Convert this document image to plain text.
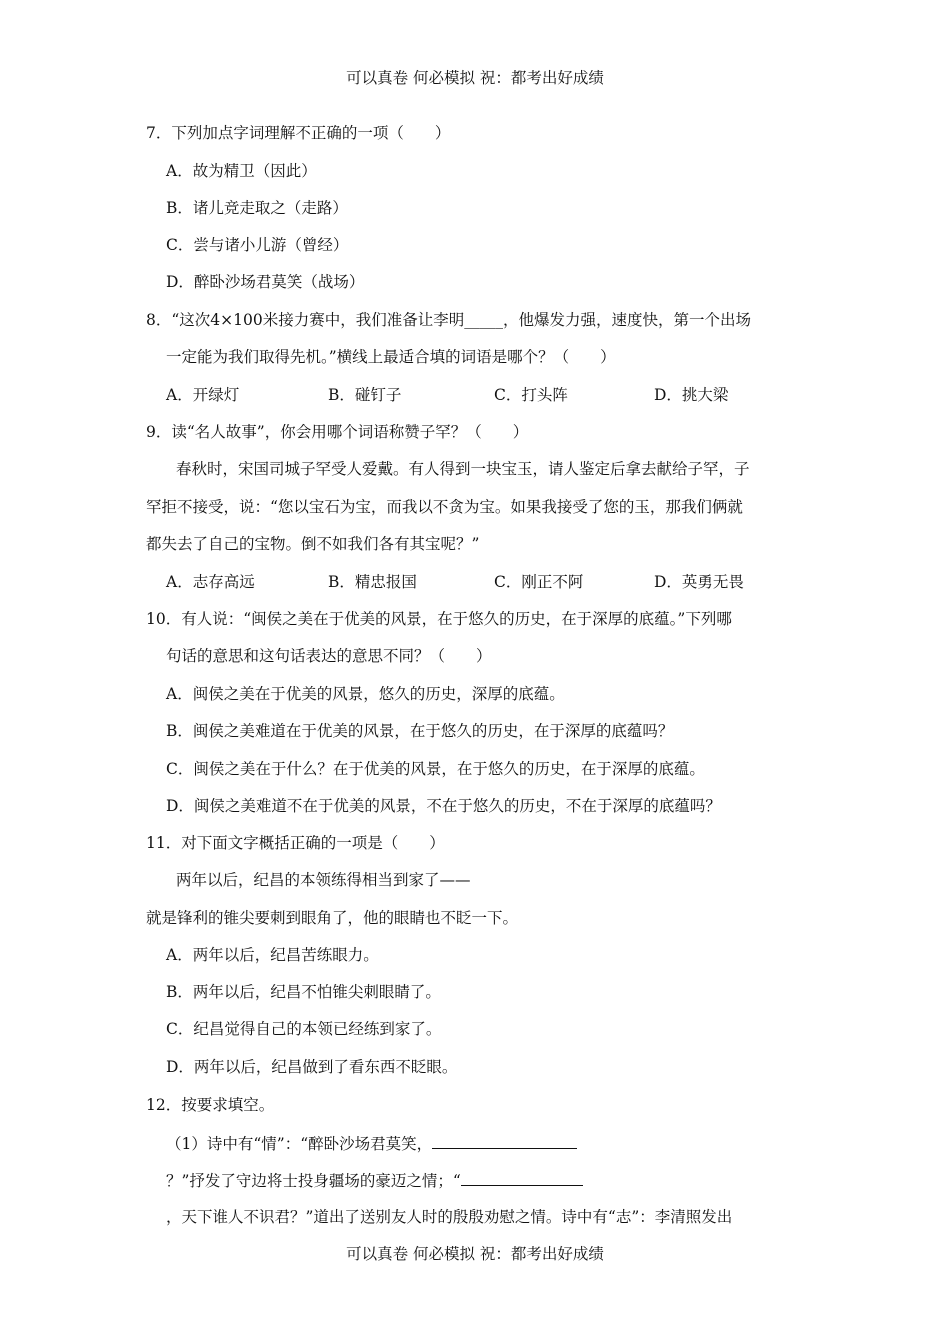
可以真卷 何必模拟 祝：都考出好成绩
7．下列加点字词理解不正确的一项（　　）
A．故为精卫（因此）
B．诸儿竞走取之（走路）
C．尝与诸小儿游（曾经）
D．醉卧沙场君莫笑（战场）
8．“这次4×100米接力赛中，我们准备让李明_____，他爆发力强，速度快，第一个出场
一定能为我们取得先机。”横线上最适合填的词语是哪个？（　　）
A．开绿灯	B．碰钉子	C．打头阵	D．挑大梁
9．读“名人故事”，你会用哪个词语称赞子罕？（　　）
春秋时，宋国司城子罕受人爱戴。有人得到一块宝玉，请人鉴定后拿去献给子罕，子
罕拒不接受，说：“您以宝石为宝，而我以不贪为宝。如果我接受了您的玉，那我们俩就
都失去了自己的宝物。倒不如我们各有其宝呢？”
A．志存高远	B．精忠报国	C．刚正不阿	D．英勇无畏
10．有人说：“闽侯之美在于优美的风景，在于悠久的历史，在于深厚的底蕴。”下列哪
句话的意思和这句话表达的意思不同？（　　）
A．闽侯之美在于优美的风景，悠久的历史，深厚的底蕴。
B．闽侯之美难道在于优美的风景，在于悠久的历史，在于深厚的底蕴吗？
C．闽侯之美在于什么？在于优美的风景，在于悠久的历史，在于深厚的底蕴。
D．闽侯之美难道不在于优美的风景，不在于悠久的历史，不在于深厚的底蕴吗？
11．对下面文字概括正确的一项是（　　）
两年以后，纪昌的本领练得相当到家了——
就是锋利的锥尖要刺到眼角了，他的眼睛也不眨一下。
A．两年以后，纪昌苦练眼力。
B．两年以后，纪昌不怕锥尖刺眼睛了。
C．纪昌觉得自己的本领已经练到家了。
D．两年以后，纪昌做到了看东西不眨眼。
12．按要求填空。
（1）诗中有“情”：“醉卧沙场君莫笑，
？”抒发了守边将士投身疆场的豪迈之情；“
，天下谁人不识君？”道出了送别友人时的殷殷劝慰之情。诗中有“志”：李清照发出
可以真卷 何必模拟 祝：都考出好成绩
